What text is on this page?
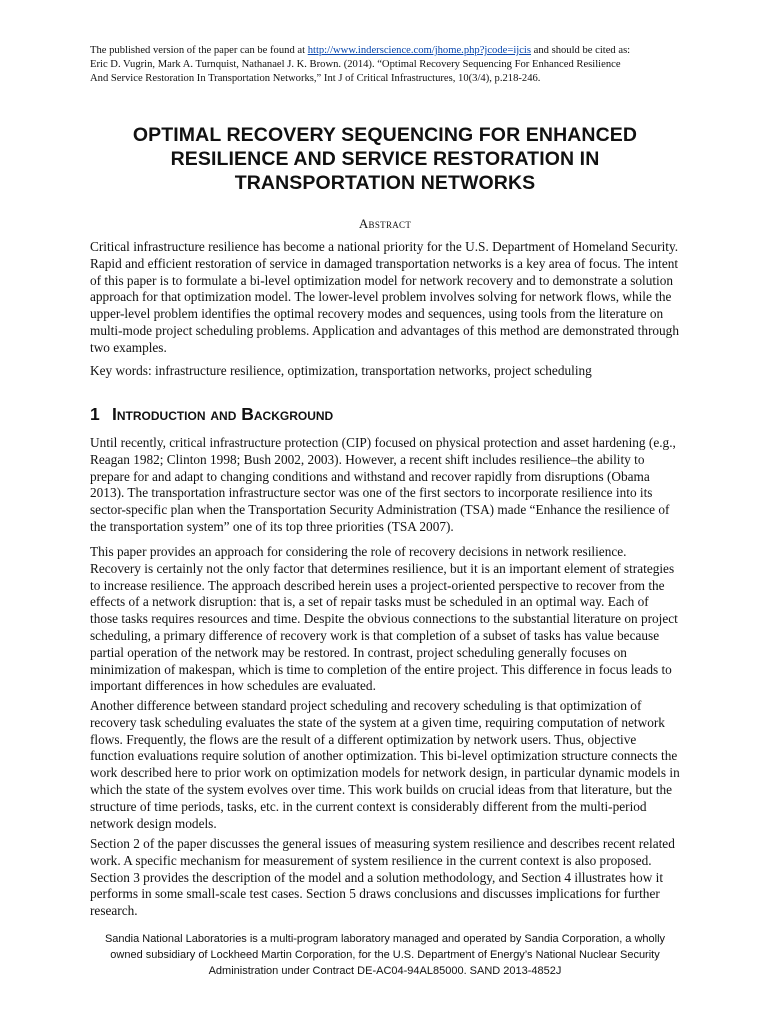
The published version of the paper can be found at http://www.inderscience.com/jhome.php?jcode=ijcis and should be cited as:
Eric D. Vugrin, Mark A. Turnquist, Nathanael J. K. Brown. (2014). “Optimal Recovery Sequencing For Enhanced Resilience
And Service Restoration In Transportation Networks,” Int J of Critical Infrastructures, 10(3/4), p.218-246.
OPTIMAL RECOVERY SEQUENCING FOR ENHANCED RESILIENCE AND SERVICE RESTORATION IN TRANSPORTATION NETWORKS
Abstract

Critical infrastructure resilience has become a national priority for the U.S. Department of Homeland Security. Rapid and efficient restoration of service in damaged transportation networks is a key area of focus. The intent of this paper is to formulate a bi-level optimization model for network recovery and to demonstrate a solution approach for that optimization model. The lower-level problem involves solving for network flows, while the upper-level problem identifies the optimal recovery modes and sequences, using tools from the literature on multi-mode project scheduling problems. Application and advantages of this method are demonstrated through two examples.

Key words: infrastructure resilience, optimization, transportation networks, project scheduling

1 Introduction and Background

Until recently, critical infrastructure protection (CIP) focused on physical protection and asset hardening (e.g., Reagan 1982; Clinton 1998; Bush 2002, 2003). However, a recent shift includes resilience–the ability to prepare for and adapt to changing conditions and withstand and recover rapidly from disruptions (Obama 2013). The transportation infrastructure sector was one of the first sectors to incorporate resilience into its sector-specific plan when the Transportation Security Administration (TSA) made “Enhance the resilience of the transportation system” one of its top three priorities (TSA 2007).

This paper provides an approach for considering the role of recovery decisions in network resilience. Recovery is certainly not the only factor that determines resilience, but it is an important element of strategies to increase resilience. The approach described herein uses a project-oriented perspective to recover from the effects of a network disruption: that is, a set of repair tasks must be scheduled in an optimal way. Each of those tasks requires resources and time. Despite the obvious connections to the substantial literature on project scheduling, a primary difference of recovery work is that completion of a subset of tasks has value because partial operation of the network may be restored. In contrast, project scheduling generally focuses on minimization of makespan, which is time to completion of the entire project. This difference in focus leads to important differences in how schedules are evaluated.

Another difference between standard project scheduling and recovery scheduling is that optimization of recovery task scheduling evaluates the state of the system at a given time, requiring computation of network flows. Frequently, the flows are the result of a different optimization by network users. Thus, objective function evaluations require solution of another optimization. This bi-level optimization structure connects the work described here to prior work on optimization models for network design, in particular dynamic models in which the state of the system evolves over time. This work builds on crucial ideas from that literature, but the structure of time periods, tasks, etc. in the current context is considerably different from the multi-period network design models.

Section 2 of the paper discusses the general issues of measuring system resilience and describes recent related work. A specific mechanism for measurement of system resilience in the current context is also proposed. Section 3 provides the description of the model and a solution methodology, and Section 4 illustrates how it performs in some small-scale test cases. Section 5 draws conclusions and discusses implications for further research.

Sandia National Laboratories is a multi-program laboratory managed and operated by Sandia Corporation, a wholly
owned subsidiary of Lockheed Martin Corporation, for the U.S. Department of Energy’s National Nuclear Security
Administration under Contract DE-AC04-94AL85000. SAND 2013-4852J
